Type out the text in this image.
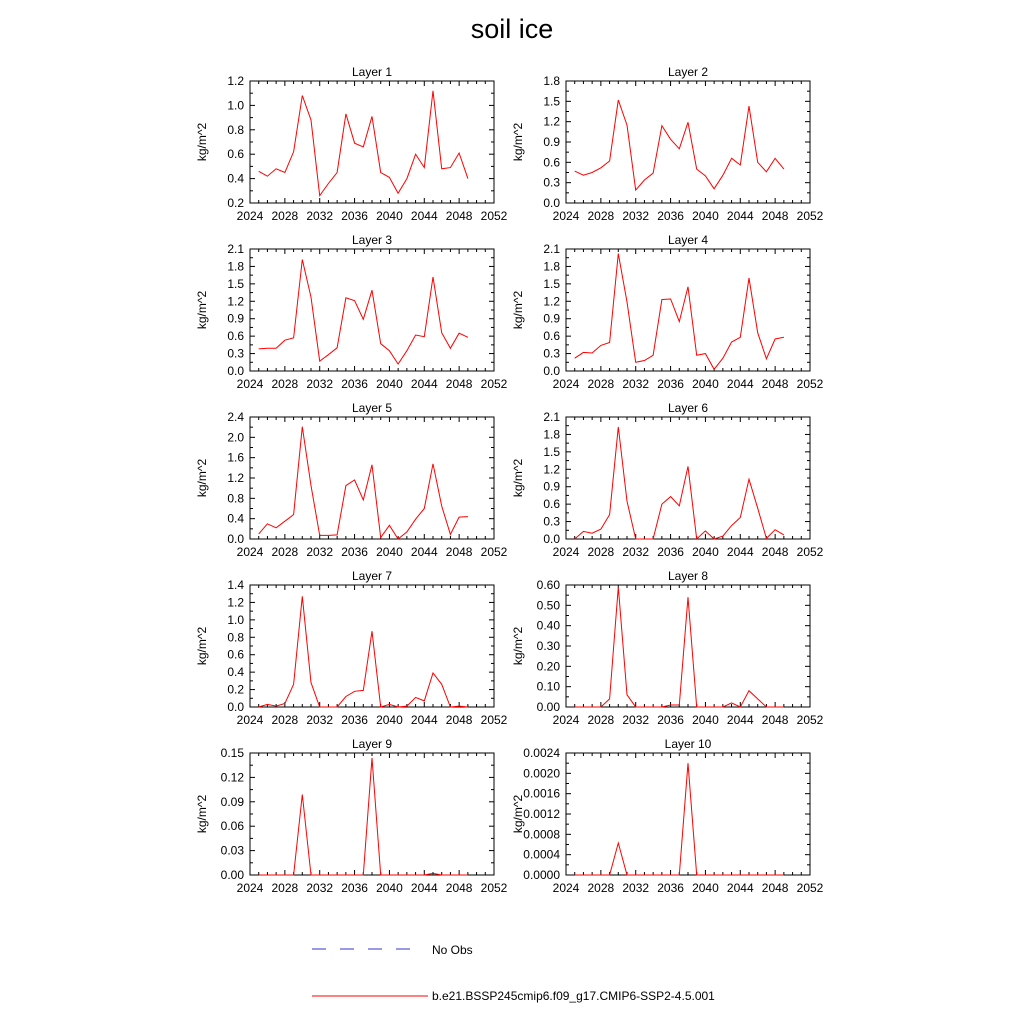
soil ice
Layer 1
kg/m^2
2024 2028 2032 2036 2040 2044 2048 2052
0.2
0.4
0.6
0.8
1.0
1.2
Layer 2
kg/m^2
2024 2028 2032 2036 2040 2044 2048 2052
0.0
0.3
0.6
0.9
1.2
1.5
1.8
Layer 3
kg/m^2
2024 2028 2032 2036 2040 2044 2048 2052
0.0
0.3
0.6
0.9
1.2
1.5
1.8
2.1
Layer 4
kg/m^2
2024 2028 2032 2036 2040 2044 2048 2052
0.0
0.3
0.6
0.9
1.2
1.5
1.8
2.1
Layer 5
kg/m^2
2024 2028 2032 2036 2040 2044 2048 2052
0.0
0.4
0.8
1.2
1.6
2.0
2.4
Layer 6
kg/m^2
2024 2028 2032 2036 2040 2044 2048 2052
0.0
0.3
0.6
0.9
1.2
1.5
1.8
2.1
Layer 7
kg/m^2
2024 2028 2032 2036 2040 2044 2048 2052
0.0
0.2
0.4
0.6
0.8
1.0
1.2
1.4
Layer 8
kg/m^2
2024 2028 2032 2036 2040 2044 2048 2052
0.00
0.10
0.20
0.30
0.40
0.50
0.60
Layer 9
kg/m^2
2024 2028 2032 2036 2040 2044 2048 2052
0.00
0.03
0.06
0.09
0.12
0.15
Layer 10
kg/m^2
2024 2028 2032 2036 2040 2044 2048 2052
0.0000
0.0004
0.0008
0.0012
0.0016
0.0020
0.0024
No Obs
b.e21.BSSP245cmip6.f09_g17.CMIP6-SSP2-4.5.001
